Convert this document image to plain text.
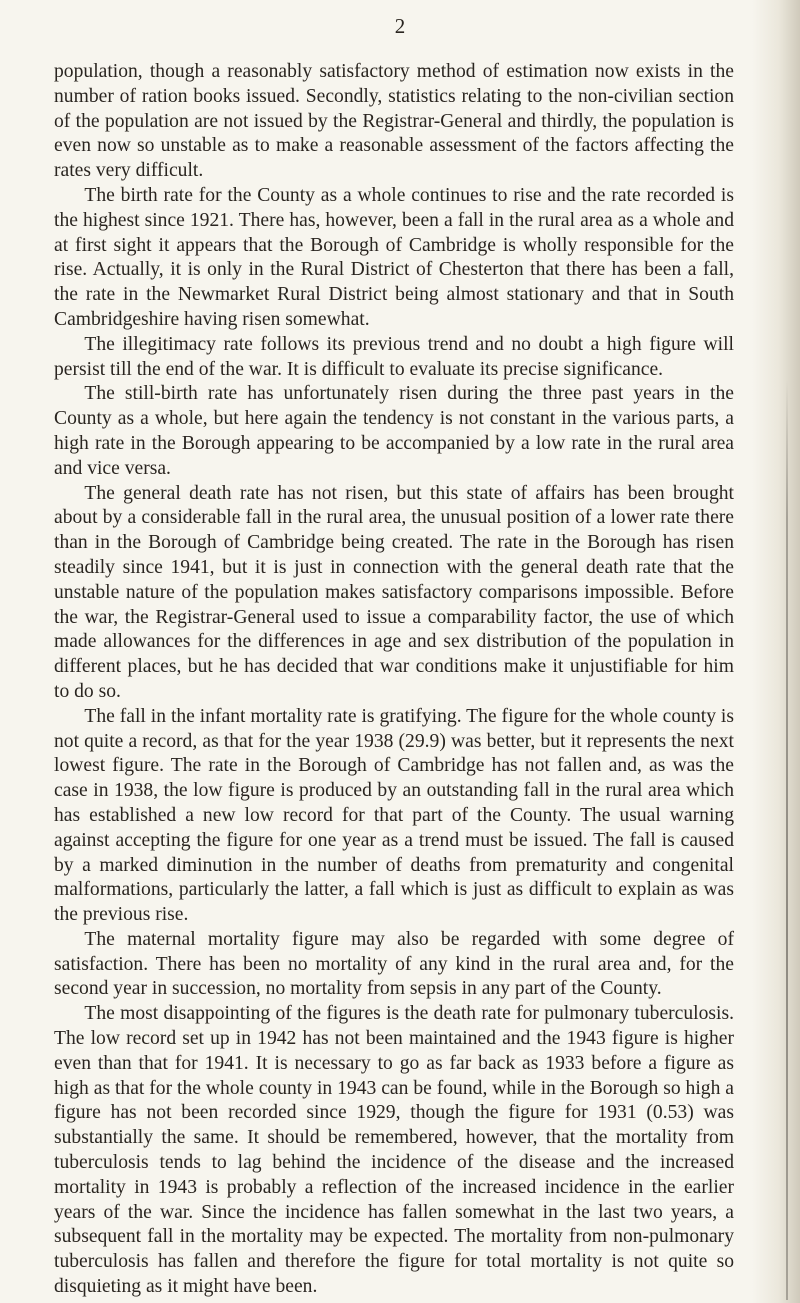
2

population, though a reasonably satisfactory method of estimation now exists in the number of ration books issued. Secondly, statistics relating to the non-civilian section of the population are not issued by the Registrar-General and thirdly, the population is even now so unstable as to make a reasonable assessment of the factors affecting the rates very difficult.

The birth rate for the County as a whole continues to rise and the rate recorded is the highest since 1921. There has, however, been a fall in the rural area as a whole and at first sight it appears that the Borough of Cambridge is wholly responsible for the rise. Actually, it is only in the Rural District of Chesterton that there has been a fall, the rate in the Newmarket Rural District being almost stationary and that in South Cambridgeshire having risen somewhat.

The illegitimacy rate follows its previous trend and no doubt a high figure will persist till the end of the war. It is difficult to evaluate its precise significance.

The still-birth rate has unfortunately risen during the three past years in the County as a whole, but here again the tendency is not constant in the various parts, a high rate in the Borough appearing to be accompanied by a low rate in the rural area and vice versa.

The general death rate has not risen, but this state of affairs has been brought about by a considerable fall in the rural area, the unusual position of a lower rate there than in the Borough of Cambridge being created. The rate in the Borough has risen steadily since 1941, but it is just in connection with the general death rate that the unstable nature of the population makes satisfactory comparisons impossible. Before the war, the Registrar-General used to issue a comparability factor, the use of which made allowances for the differences in age and sex distribution of the population in different places, but he has decided that war conditions make it unjustifiable for him to do so.

The fall in the infant mortality rate is gratifying. The figure for the whole county is not quite a record, as that for the year 1938 (29.9) was better, but it represents the next lowest figure. The rate in the Borough of Cambridge has not fallen and, as was the case in 1938, the low figure is produced by an outstanding fall in the rural area which has established a new low record for that part of the County. The usual warning against accepting the figure for one year as a trend must be issued. The fall is caused by a marked diminution in the number of deaths from prematurity and congenital malformations, particularly the latter, a fall which is just as difficult to explain as was the previous rise.

The maternal mortality figure may also be regarded with some degree of satisfaction. There has been no mortality of any kind in the rural area and, for the second year in succession, no mortality from sepsis in any part of the County.

The most disappointing of the figures is the death rate for pulmonary tuberculosis. The low record set up in 1942 has not been maintained and the 1943 figure is higher even than that for 1941. It is necessary to go as far back as 1933 before a figure as high as that for the whole county in 1943 can be found, while in the Borough so high a figure has not been recorded since 1929, though the figure for 1931 (0.53) was substantially the same. It should be remembered, however, that the mortality from tuberculosis tends to lag behind the incidence of the disease and the increased mortality in 1943 is probably a reflection of the increased incidence in the earlier years of the war. Since the incidence has fallen somewhat in the last two years, a subsequent fall in the mortality may be expected. The mortality from non-pulmonary tuberculosis has fallen and therefore the figure for total mortality is not quite so disquieting as it might have been.
